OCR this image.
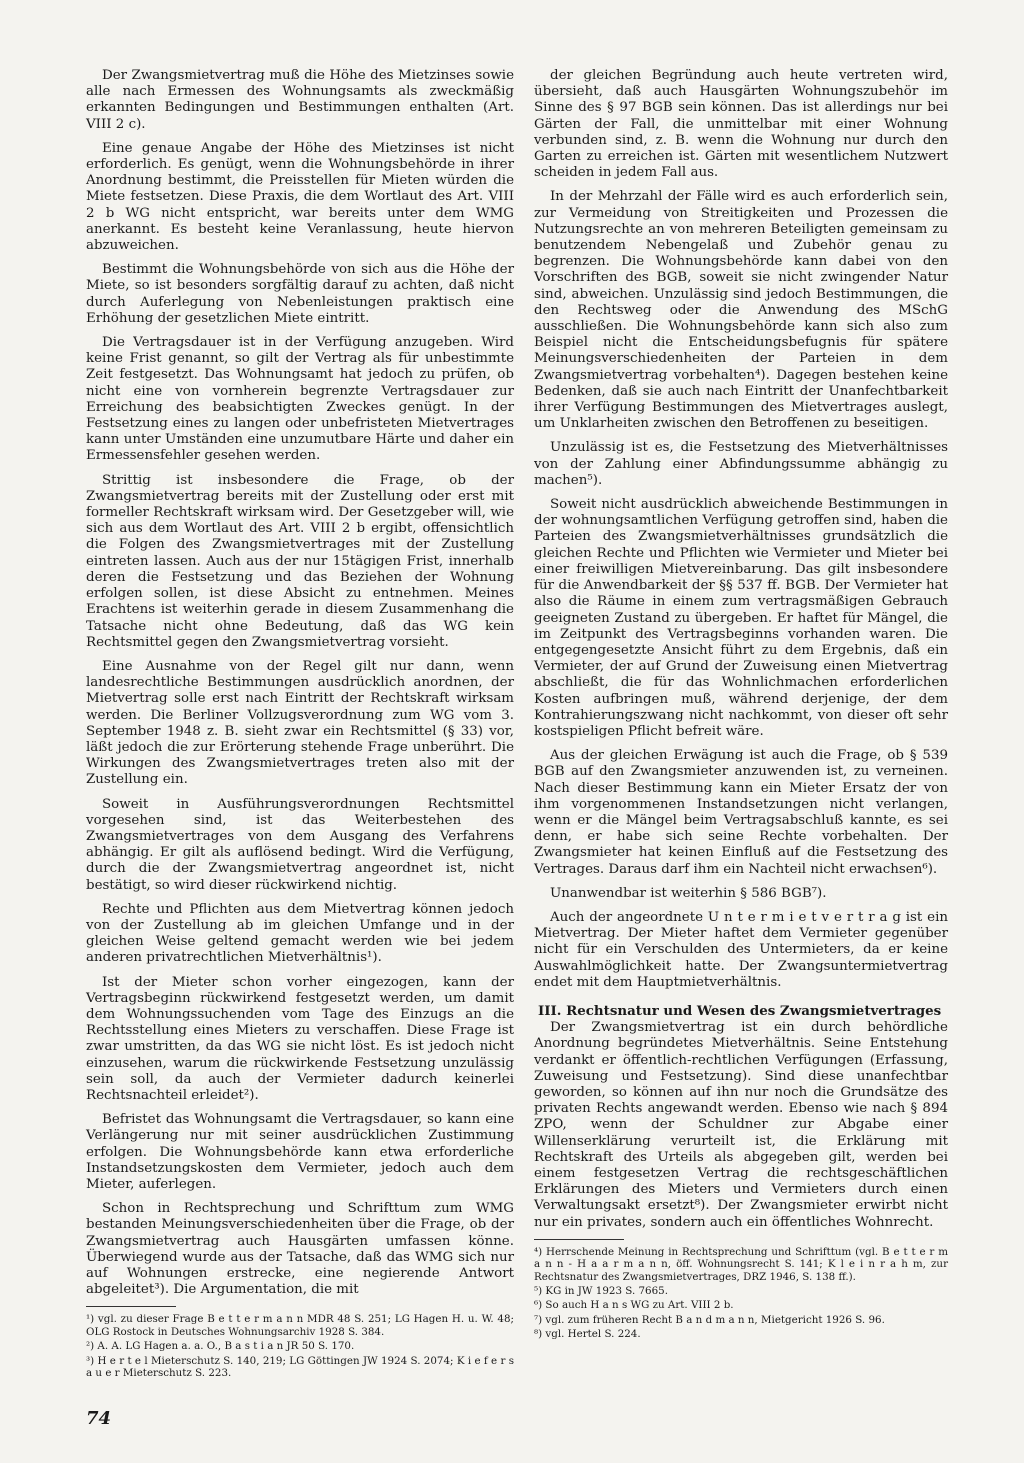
Der Zwangsmietvertrag muß die Höhe des Mietzinses sowie alle nach Ermessen des Wohnungsamts als zweckmäßig erkannten Bedingungen und Bestimmungen enthalten (Art. VIII 2 c).

Eine genaue Angabe der Höhe des Mietzinses ist nicht erforderlich. Es genügt, wenn die Wohnungsbehörde in ihrer Anordnung bestimmt, die Preisstellen für Mieten würden die Miete festsetzen. Diese Praxis, die dem Wortlaut des Art. VIII 2 b WG nicht entspricht, war bereits unter dem WMG anerkannt. Es besteht keine Veranlassung, heute hiervon abzuweichen.

Bestimmt die Wohnungsbehörde von sich aus die Höhe der Miete, so ist besonders sorgfältig darauf zu achten, daß nicht durch Auferlegung von Nebenleistungen praktisch eine Erhöhung der gesetzlichen Miete eintritt.

Die Vertragsdauer ist in der Verfügung anzugeben. Wird keine Frist genannt, so gilt der Vertrag als für unbestimmte Zeit festgesetzt. Das Wohnungsamt hat jedoch zu prüfen, ob nicht eine von vornherein begrenzte Vertragsdauer zur Erreichung des beabsichtigten Zweckes genügt. In der Festsetzung eines zu langen oder unbefristeten Mietvertrages kann unter Umständen eine unzumutbare Härte und daher ein Ermessensfehler gesehen werden.

Strittig ist insbesondere die Frage, ob der Zwangsmietvertrag bereits mit der Zustellung oder erst mit formeller Rechtskraft wirksam wird. Der Gesetzgeber will, wie sich aus dem Wortlaut des Art. VIII 2 b ergibt, offensichtlich die Folgen des Zwangsmietvertrages mit der Zustellung eintreten lassen. Auch aus der nur 15tägigen Frist, innerhalb deren die Festsetzung und das Beziehen der Wohnung erfolgen sollen, ist diese Absicht zu entnehmen. Meines Erachtens ist weiterhin gerade in diesem Zusammenhang die Tatsache nicht ohne Bedeutung, daß das WG kein Rechtsmittel gegen den Zwangsmietvertrag vorsieht.

Eine Ausnahme von der Regel gilt nur dann, wenn landesrechtliche Bestimmungen ausdrücklich anordnen, der Mietvertrag solle erst nach Eintritt der Rechtskraft wirksam werden. Die Berliner Vollzugsverordnung zum WG vom 3. September 1948 z. B. sieht zwar ein Rechtsmittel (§ 33) vor, läßt jedoch die zur Erörterung stehende Frage unberührt. Die Wirkungen des Zwangsmietvertrages treten also mit der Zustellung ein.

Soweit in Ausführungsverordnungen Rechtsmittel vorgesehen sind, ist das Weiterbestehen des Zwangsmietvertrages von dem Ausgang des Verfahrens abhängig. Er gilt als auflösend bedingt. Wird die Verfügung, durch die der Zwangsmietvertrag angeordnet ist, nicht bestätigt, so wird dieser rückwirkend nichtig.

Rechte und Pflichten aus dem Mietvertrag können jedoch von der Zustellung ab im gleichen Umfange und in der gleichen Weise geltend gemacht werden wie bei jedem anderen privatrechtlichen Mietverhältnis¹).

Ist der Mieter schon vorher eingezogen, kann der Vertragsbeginn rückwirkend festgesetzt werden, um damit dem Wohnungssuchenden vom Tage des Einzugs an die Rechtsstellung eines Mieters zu verschaffen. Diese Frage ist zwar umstritten, da das WG sie nicht löst. Es ist jedoch nicht einzusehen, warum die rückwirkende Festsetzung unzulässig sein soll, da auch der Vermieter dadurch keinerlei Rechtsnachteil erleidet²).

Befristet das Wohnungsamt die Vertragsdauer, so kann eine Verlängerung nur mit seiner ausdrücklichen Zustimmung erfolgen. Die Wohnungsbehörde kann etwa erforderliche Instandsetzungskosten dem Vermieter, jedoch auch dem Mieter, auferlegen.

Schon in Rechtsprechung und Schrifttum zum WMG bestanden Meinungsverschiedenheiten über die Frage, ob der Zwangsmietvertrag auch Hausgärten umfassen könne. Überwiegend wurde aus der Tatsache, daß das WMG sich nur auf Wohnungen erstrecke, eine negierende Antwort abgeleitet³). Die Argumentation, die mit

¹) vgl. zu dieser Frage B e t t e r m a n n MDR 48 S. 251; LG Hagen H. u. W. 48; OLG Rostock in Deutsches Wohnungsarchiv 1928 S. 384.

²) A. A. LG Hagen a. a. O., B a s t i a n JR 50 S. 170.

³) H e r t e l Mieterschutz S. 140, 219; LG Göttingen JW 1924 S. 2074; K i e f e r s a u e r Mieterschutz S. 223.

der gleichen Begründung auch heute vertreten wird, übersieht, daß auch Hausgärten Wohnungszubehör im Sinne des § 97 BGB sein können. Das ist allerdings nur bei Gärten der Fall, die unmittelbar mit einer Wohnung verbunden sind, z. B. wenn die Wohnung nur durch den Garten zu erreichen ist. Gärten mit wesentlichem Nutzwert scheiden in jedem Fall aus.

In der Mehrzahl der Fälle wird es auch erforderlich sein, zur Vermeidung von Streitigkeiten und Prozessen die Nutzungsrechte an von mehreren Beteiligten gemeinsam zu benutzendem Nebengelaß und Zubehör genau zu begrenzen. Die Wohnungsbehörde kann dabei von den Vorschriften des BGB, soweit sie nicht zwingender Natur sind, abweichen. Unzulässig sind jedoch Bestimmungen, die den Rechtsweg oder die Anwendung des MSchG ausschließen. Die Wohnungsbehörde kann sich also zum Beispiel nicht die Entscheidungsbefugnis für spätere Meinungsverschiedenheiten der Parteien in dem Zwangsmietvertrag vorbehalten⁴). Dagegen bestehen keine Bedenken, daß sie auch nach Eintritt der Unanfechtbarkeit ihrer Verfügung Bestimmungen des Mietvertrages auslegt, um Unklarheiten zwischen den Betroffenen zu beseitigen.

Unzulässig ist es, die Festsetzung des Mietverhältnisses von der Zahlung einer Abfindungssumme abhängig zu machen⁵).

Soweit nicht ausdrücklich abweichende Bestimmungen in der wohnungsamtlichen Verfügung getroffen sind, haben die Parteien des Zwangsmietverhältnisses grundsätzlich die gleichen Rechte und Pflichten wie Vermieter und Mieter bei einer freiwilligen Mietvereinbarung. Das gilt insbesondere für die Anwendbarkeit der §§ 537 ff. BGB. Der Vermieter hat also die Räume in einem zum vertragsmäßigen Gebrauch geeigneten Zustand zu übergeben. Er haftet für Mängel, die im Zeitpunkt des Vertragsbeginns vorhanden waren. Die entgegengesetzte Ansicht führt zu dem Ergebnis, daß ein Vermieter, der auf Grund der Zuweisung einen Mietvertrag abschließt, die für das Wohnlichmachen erforderlichen Kosten aufbringen muß, während derjenige, der dem Kontrahierungszwang nicht nachkommt, von dieser oft sehr kostspieligen Pflicht befreit wäre.

Aus der gleichen Erwägung ist auch die Frage, ob § 539 BGB auf den Zwangsmieter anzuwenden ist, zu verneinen. Nach dieser Bestimmung kann ein Mieter Ersatz der von ihm vorgenommenen Instandsetzungen nicht verlangen, wenn er die Mängel beim Vertragsabschluß kannte, es sei denn, er habe sich seine Rechte vorbehalten. Der Zwangsmieter hat keinen Einfluß auf die Festsetzung des Vertrages. Daraus darf ihm ein Nachteil nicht erwachsen⁶).

Unanwendbar ist weiterhin § 586 BGB⁷).

Auch der angeordnete U n t e r m i e t v e r t r a g ist ein Mietvertrag. Der Mieter haftet dem Vermieter gegenüber nicht für ein Verschulden des Untermieters, da er keine Auswahlmöglichkeit hatte. Der Zwangsuntermietvertrag endet mit dem Hauptmietverhältnis.

III. Rechtsnatur und Wesen des Zwangsmietvertrages

Der Zwangsmietvertrag ist ein durch behördliche Anordnung begründetes Mietverhältnis. Seine Entstehung verdankt er öffentlich-rechtlichen Verfügungen (Erfassung, Zuweisung und Festsetzung). Sind diese unanfechtbar geworden, so können auf ihn nur noch die Grundsätze des privaten Rechts angewandt werden. Ebenso wie nach § 894 ZPO, wenn der Schuldner zur Abgabe einer Willenserklärung verurteilt ist, die Erklärung mit Rechtskraft des Urteils als abgegeben gilt, werden bei einem festgesetzen Vertrag die rechtsgeschäftlichen Erklärungen des Mieters und Vermieters durch einen Verwaltungsakt ersetzt⁸). Der Zwangsmieter erwirbt nicht nur ein privates, sondern auch ein öffentliches Wohnrecht.

⁴) Herrschende Meinung in Rechtsprechung und Schrifttum (vgl. B e t t e r m a n n - H a a r m a n n, öff. Wohnungsrecht S. 141; K l e i n r a h m, zur Rechtsnatur des Zwangsmietvertrages, DRZ 1946, S. 138 ff.).

⁵) KG in JW 1923 S. 7665.

⁶) So auch H a n s WG zu Art. VIII 2 b.

⁷) vgl. zum früheren Recht B a n d m a n n, Mietgericht 1926 S. 96.

⁸) vgl. Hertel S. 224.

74
